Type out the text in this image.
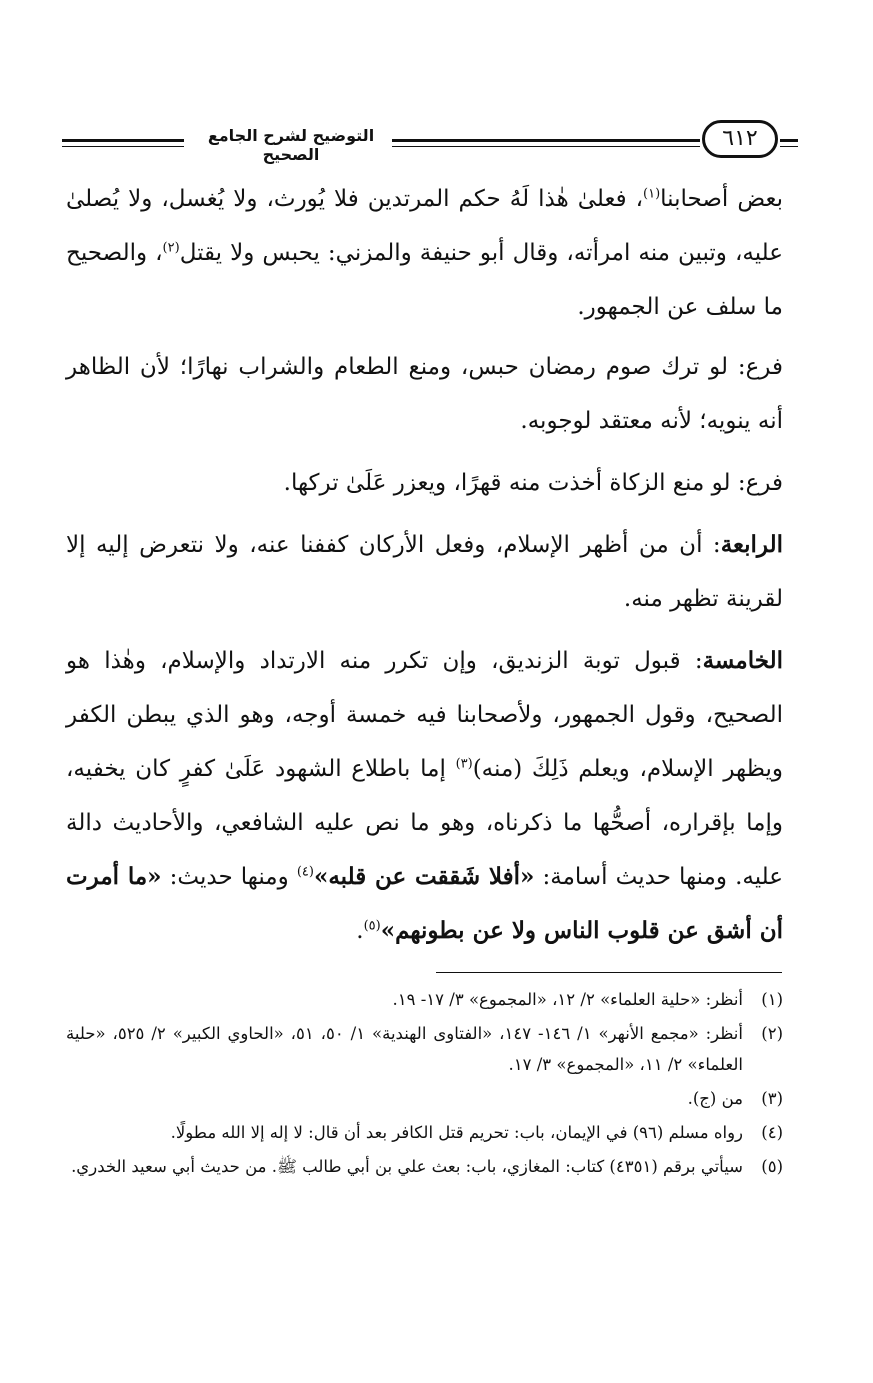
التوضيح لشرح الجامع الصحيح
٦١٢

بعض أصحابنا$^{(١)}$، فعلىٰ هٰذا لَهُ حكم المرتدين فلا يُورث، ولا يُغسل، ولا يُصلىٰ عليه، وتبين منه امرأته، وقال أبو حنيفة والمزني: يحبس ولا يقتل$^{(٢)}$، والصحيح ما سلف عن الجمهور.

فرع: لو ترك صوم رمضان حبس، ومنع الطعام والشراب نهارًا؛ لأن الظاهر أنه ينويه؛ لأنه معتقد لوجوبه.

فرع: لو منع الزكاة أخذت منه قهرًا، ويعزر عَلَىٰ تركها.

الرابعة: أن من أظهر الإسلام، وفعل الأركان كففنا عنه، ولا نتعرض إليه إلا لقرينة تظهر منه.

الخامسة: قبول توبة الزنديق، وإن تكرر منه الارتداد والإسلام، وهٰذا هو الصحيح، وقول الجمهور، ولأصحابنا فيه خمسة أوجه، وهو الذي يبطن الكفر ويظهر الإسلام، ويعلم ذَلِكَ (منه)$^{(٣)}$ إما باطلاع الشهود عَلَىٰ كفرٍ كان يخفيه، وإما بإقراره، أصحُّها ما ذكرناه، وهو ما نص عليه الشافعي، والأحاديث دالة عليه. ومنها حديث أسامة: «أفلا شَققت عن قلبه»$^{(٤)}$ ومنها حديث: «ما أمرت أن أشق عن قلوب الناس ولا عن بطونهم»$^{(٥)}$.

(١)
أنظر: «حلية العلماء» ٢/ ١٢، «المجموع» ٣/ ١٧- ١٩.
(٢)
أنظر: «مجمع الأنهر» ١/ ١٤٦- ١٤٧، «الفتاوى الهندية» ١/ ٥٠، ٥١، «الحاوي الكبير» ٢/ ٥٢٥، «حلية العلماء» ٢/ ١١، «المجموع» ٣/ ١٧.
(٣)
من (ج).
(٤)
رواه مسلم (٩٦) في الإيمان، باب: تحريم قتل الكافر بعد أن قال: لا إله إلا الله مطولًا.
(٥)
سيأتي برقم (٤٣٥١) كتاب: المغازي، باب: بعث علي بن أبي طالب ﷺ. من حديث أبي سعيد الخدري.
